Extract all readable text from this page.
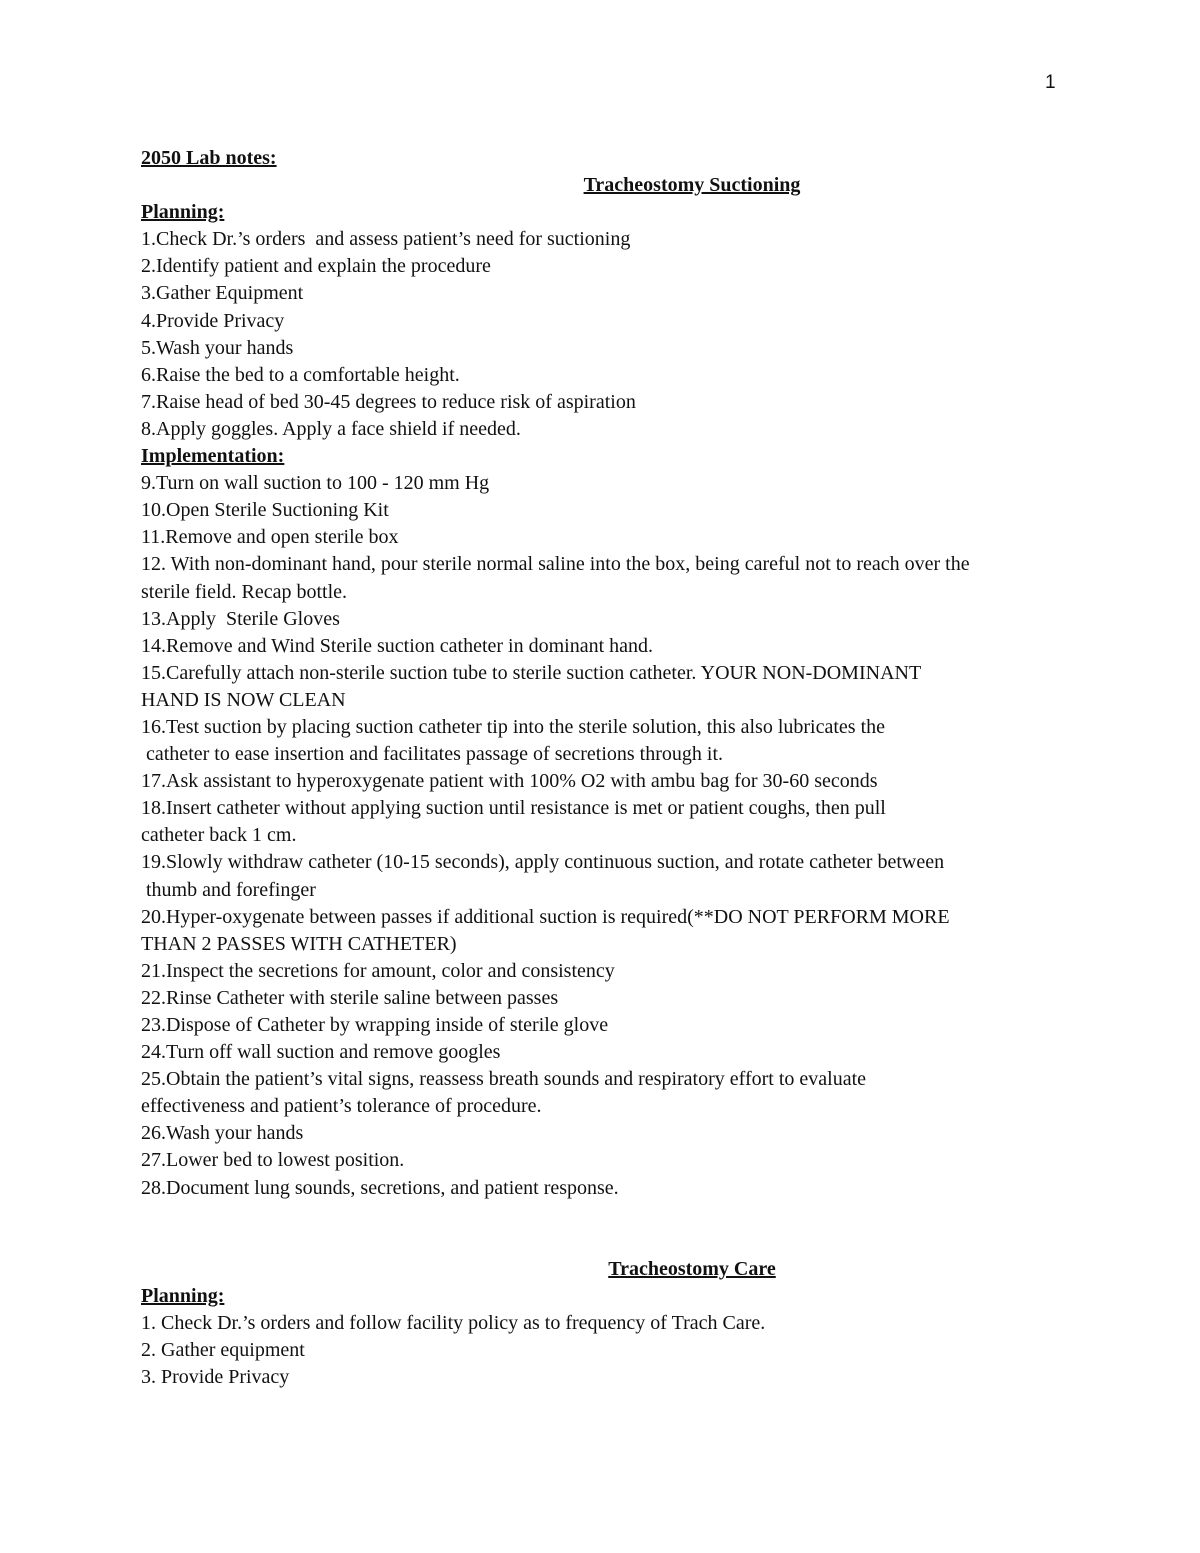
1
2050 Lab notes:
Tracheostomy Suctioning
Planning:
1.Check Dr.’s orders  and assess patient’s need for suctioning
2.Identify patient and explain the procedure
3.Gather Equipment
4.Provide Privacy
5.Wash your hands
6.Raise the bed to a comfortable height.
7.Raise head of bed 30-45 degrees to reduce risk of aspiration
8.Apply goggles. Apply a face shield if needed.
Implementation:
9.Turn on wall suction to 100 - 120 mm Hg
10.Open Sterile Suctioning Kit
11.Remove and open sterile box
12. With non-dominant hand, pour sterile normal saline into the box, being careful not to reach over the
sterile field. Recap bottle.
13.Apply  Sterile Gloves
14.Remove and Wind Sterile suction catheter in dominant hand.
15.Carefully attach non-sterile suction tube to sterile suction catheter. YOUR NON-DOMINANT
HAND IS NOW CLEAN
16.Test suction by placing suction catheter tip into the sterile solution, this also lubricates the
catheter to ease insertion and facilitates passage of secretions through it.
17.Ask assistant to hyperoxygenate patient with 100% O2 with ambu bag for 30-60 seconds
18.Insert catheter without applying suction until resistance is met or patient coughs, then pull
catheter back 1 cm.
19.Slowly withdraw catheter (10-15 seconds), apply continuous suction, and rotate catheter between
thumb and forefinger
20.Hyper-oxygenate between passes if additional suction is required(**DO NOT PERFORM MORE
THAN 2 PASSES WITH CATHETER)
21.Inspect the secretions for amount, color and consistency
22.Rinse Catheter with sterile saline between passes
23.Dispose of Catheter by wrapping inside of sterile glove
24.Turn off wall suction and remove googles
25.Obtain the patient’s vital signs, reassess breath sounds and respiratory effort to evaluate
effectiveness and patient’s tolerance of procedure.
26.Wash your hands
27.Lower bed to lowest position.
28.Document lung sounds, secretions, and patient response.
Tracheostomy Care
Planning:
1. Check Dr.’s orders and follow facility policy as to frequency of Trach Care.
2. Gather equipment
3. Provide Privacy
